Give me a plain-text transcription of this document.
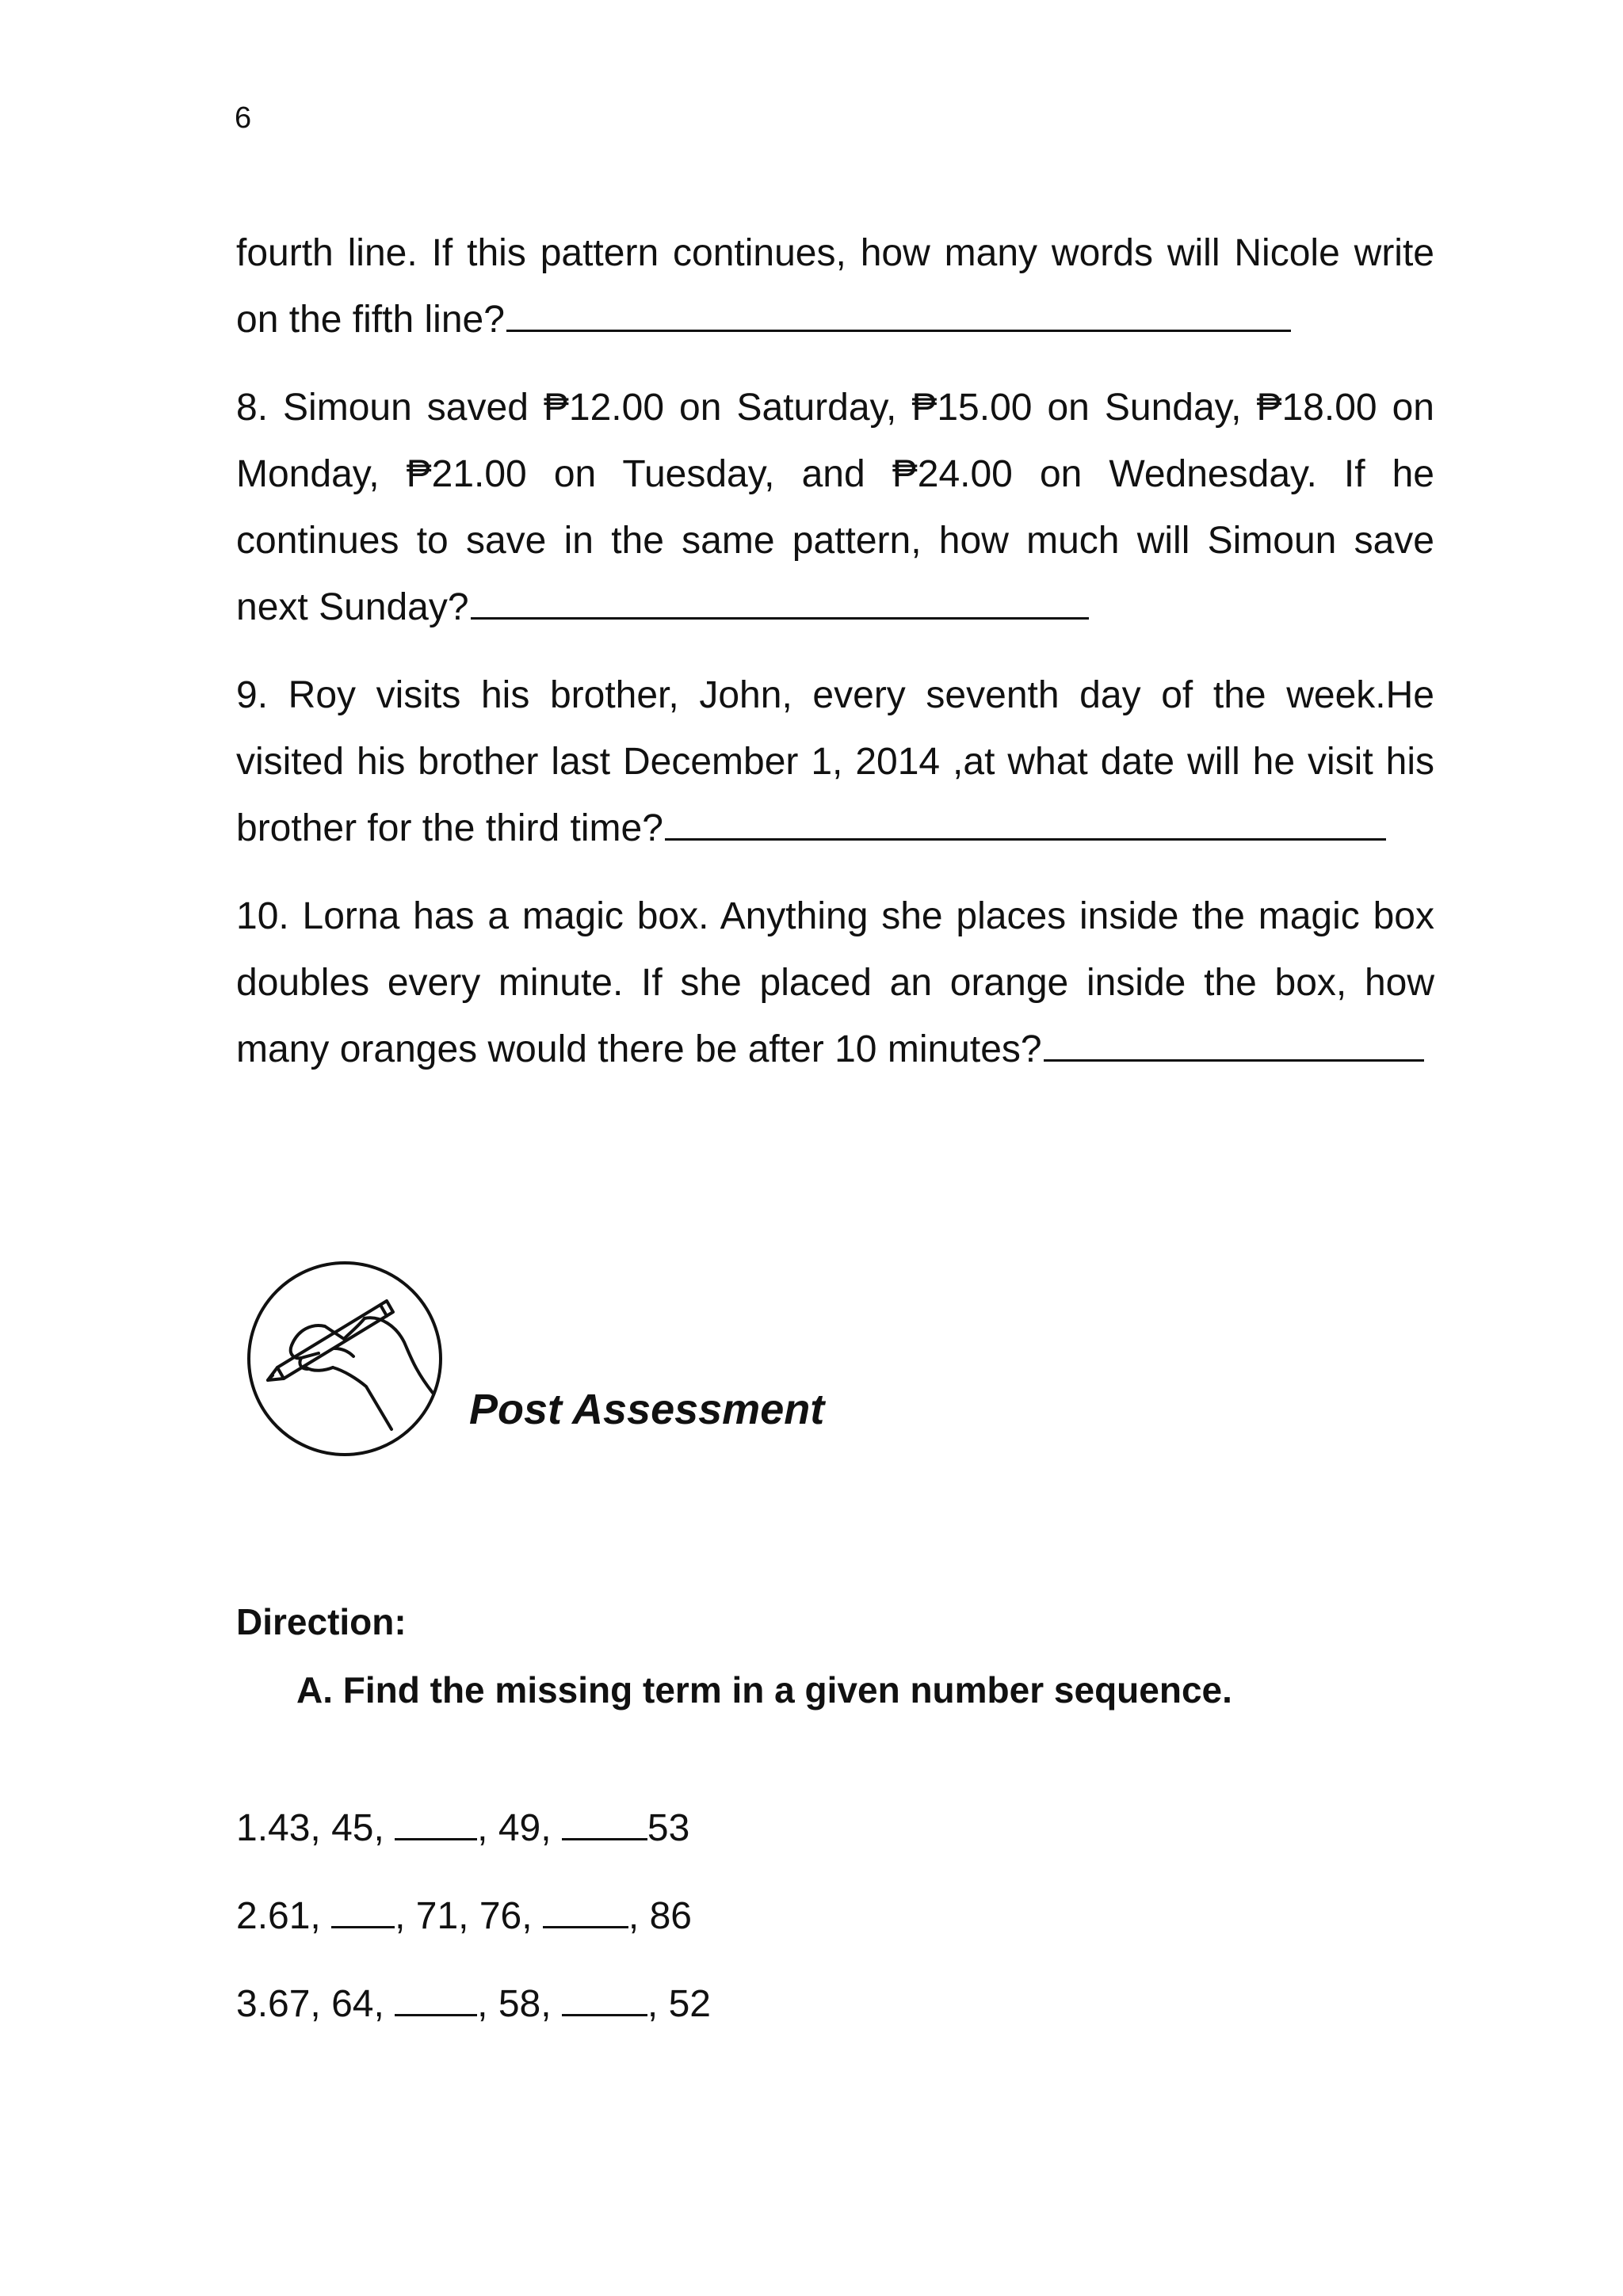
6

fourth line. If this pattern continues, how many words will Nicole write on the fifth line?

8. Simoun saved ₱12.00 on Saturday, ₱15.00 on Sunday, ₱18.00 on Monday, ₱21.00 on Tuesday, and ₱24.00 on Wednesday. If he continues to save in the same pattern, how much will Simoun save next Sunday?

9. Roy visits his brother, John, every seventh day of the week.He visited his brother last December 1, 2014 ,at what date will he visit his brother for the third time?

10. Lorna has a magic box. Anything she places inside the magic box doubles every minute. If she placed an orange inside the box, how many oranges would there be after 10 minutes?

Post Assessment
Direction:
A. Find the missing term in a given number sequence.
1.43, 45, , 49, 53
2.61, , 71, 76, , 86
3.67, 64, , 58, , 52
